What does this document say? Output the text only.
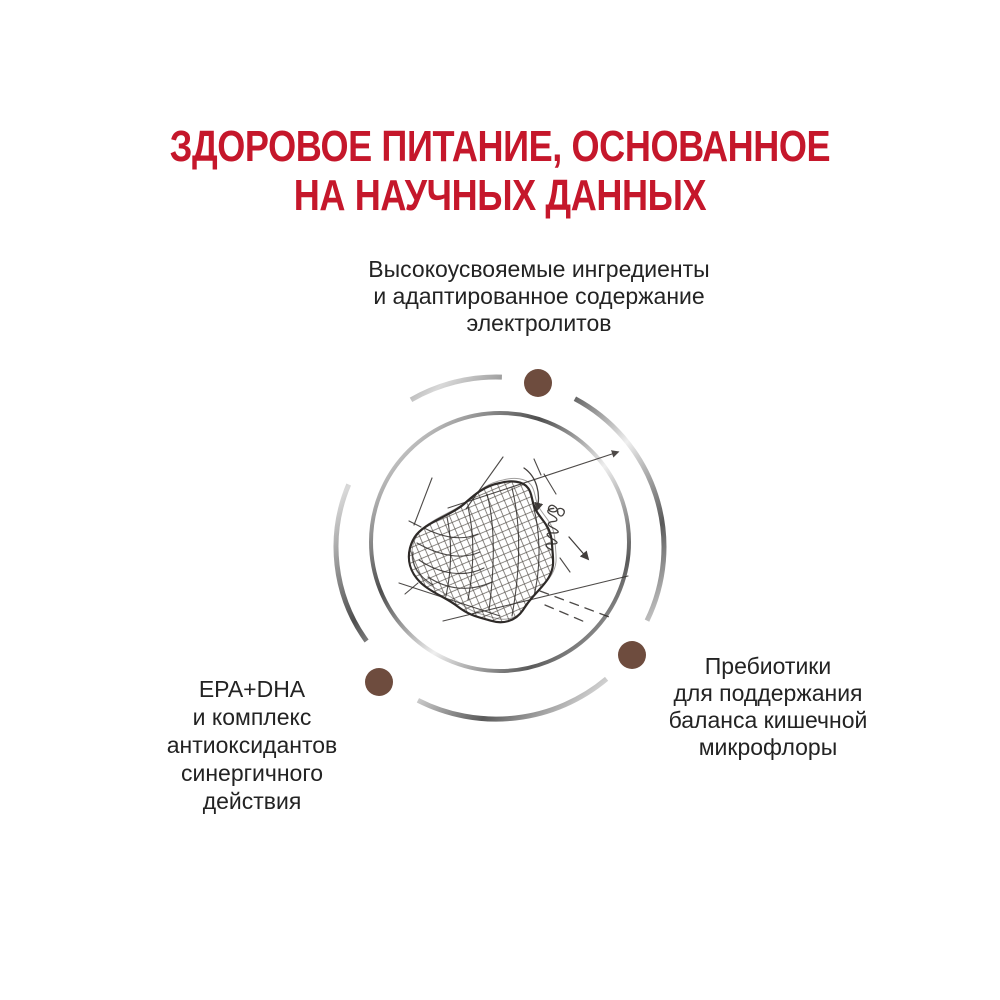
ЗДОРОВОЕ ПИТАНИЕ, ОСНОВАННОЕ
НА НАУЧНЫХ ДАННЫХ
Высокоусвояемые ингредиенты
и адаптированное содержание
электролитов
Пребиотики
для поддержания
баланса кишечной
микрофлоры
EPA+DHA
и комплекс
антиоксидантов
синергичного
действия
